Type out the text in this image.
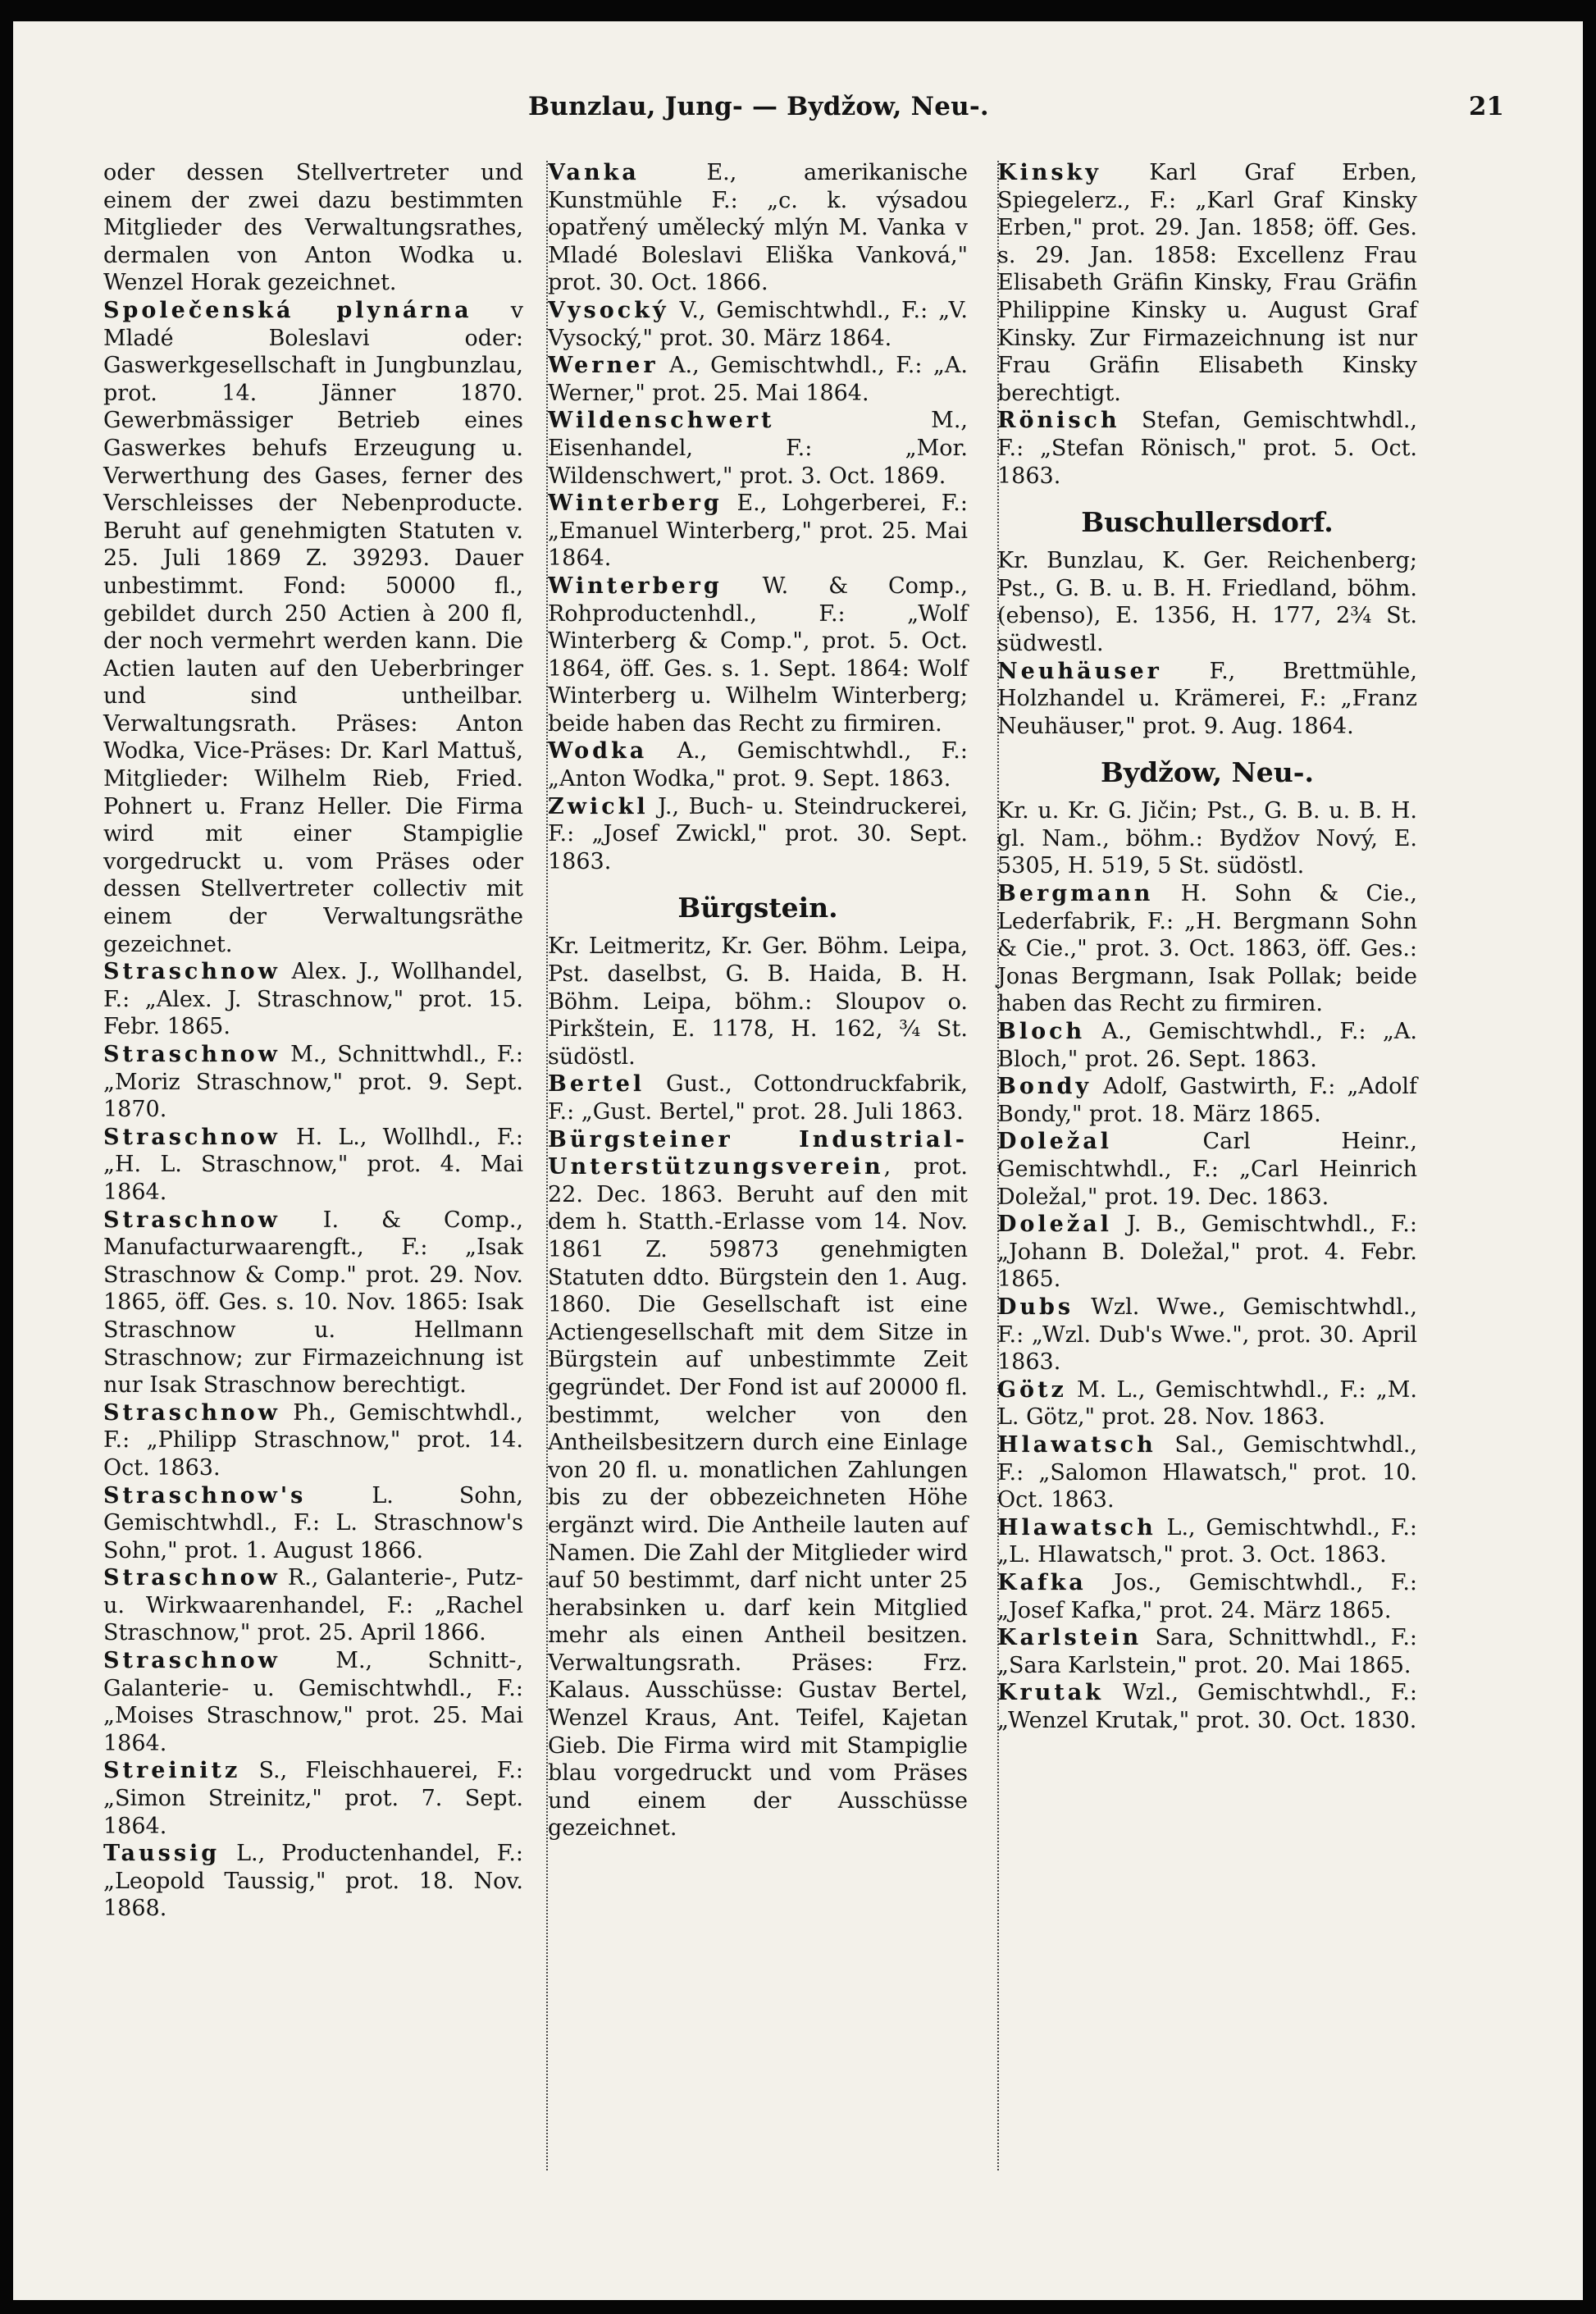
Bunzlau, Jung- — Bydžow, Neu-.	21

oder dessen Stellvertreter und einem der zwei dazu bestimmten Mitglieder des Verwaltungsrathes, dermalen von Anton Wodka u. Wenzel Horak gezeichnet.

Společenská plynárna v Mladé Boleslavi oder: Gaswerkgesellschaft in Jungbunzlau, prot. 14. Jänner 1870. Gewerbmässiger Betrieb eines Gaswerkes behufs Erzeugung u. Verwerthung des Gases, ferner des Verschleisses der Nebenproducte. Beruht auf genehmigten Statuten v. 25. Juli 1869 Z. 39293. Dauer unbestimmt. Fond: 50000 fl., gebildet durch 250 Actien à 200 fl, der noch vermehrt werden kann. Die Actien lauten auf den Ueberbringer und sind untheilbar. Verwaltungsrath. Präses: Anton Wodka, Vice-Präses: Dr. Karl Mattuš, Mitglieder: Wilhelm Rieb, Fried. Pohnert u. Franz Heller. Die Firma wird mit einer Stampiglie vorgedruckt u. vom Präses oder dessen Stellvertreter collectiv mit einem der Verwaltungsräthe gezeichnet.

Straschnow Alex. J., Wollhandel, F.: „Alex. J. Straschnow," prot. 15. Febr. 1865.

Straschnow M., Schnittwhdl., F.: „Moriz Straschnow," prot. 9. Sept. 1870.

Straschnow H. L., Wollhdl., F.: „H. L. Straschnow," prot. 4. Mai 1864.

Straschnow I. & Comp., Manufacturwaarengft., F.: „Isak Straschnow & Comp." prot. 29. Nov. 1865, öff. Ges. s. 10. Nov. 1865: Isak Straschnow u. Hellmann Straschnow; zur Firmazeichnung ist nur Isak Straschnow berechtigt.

Straschnow Ph., Gemischtwhdl., F.: „Philipp Straschnow," prot. 14. Oct. 1863.

Straschnow's L. Sohn, Gemischtwhdl., F.: L. Straschnow's Sohn," prot. 1. August 1866.

Straschnow R., Galanterie-, Putz- u. Wirkwaarenhandel, F.: „Rachel Straschnow," prot. 25. April 1866.

Straschnow M., Schnitt-, Galanterie- u. Gemischtwhdl., F.: „Moises Straschnow," prot. 25. Mai 1864.

Streinitz S., Fleischhauerei, F.: „Simon Streinitz," prot. 7. Sept. 1864.

Taussig L., Productenhandel, F.: „Leopold Taussig," prot. 18. Nov. 1868.

Vanka E., amerikanische Kunstmühle F.: „c. k. výsadou opatřený umělecký mlýn M. Vanka v Mladé Boleslavi Eliška Vanková," prot. 30. Oct. 1866.

Vysocký V., Gemischtwhdl., F.: „V. Vysocký," prot. 30. März 1864.

Werner A., Gemischtwhdl., F.: „A. Werner," prot. 25. Mai 1864.

Wildenschwert M., Eisenhandel, F.: „Mor. Wildenschwert," prot. 3. Oct. 1869.

Winterberg E., Lohgerberei, F.: „Emanuel Winterberg," prot. 25. Mai 1864.

Winterberg W. & Comp., Rohproductenhdl., F.: „Wolf Winterberg & Comp.", prot. 5. Oct. 1864, öff. Ges. s. 1. Sept. 1864: Wolf Winterberg u. Wilhelm Winterberg; beide haben das Recht zu firmiren.

Wodka A., Gemischtwhdl., F.: „Anton Wodka," prot. 9. Sept. 1863.

Zwickl J., Buch- u. Steindruckerei, F.: „Josef Zwickl," prot. 30. Sept. 1863.

Bürgstein.

Kr. Leitmeritz, Kr. Ger. Böhm. Leipa, Pst. daselbst, G. B. Haida, B. H. Böhm. Leipa, böhm.: Sloupov o. Pirkštein, E. 1178, H. 162, ¾ St. südöstl.

Bertel Gust., Cottondruckfabrik, F.: „Gust. Bertel," prot. 28. Juli 1863.

Bürgsteiner Industrial-Unterstützungsverein, prot. 22. Dec. 1863. Beruht auf den mit dem h. Statth.-Erlasse vom 14. Nov. 1861 Z. 59873 genehmigten Statuten ddto. Bürgstein den 1. Aug. 1860. Die Gesellschaft ist eine Actiengesellschaft mit dem Sitze in Bürgstein auf unbestimmte Zeit gegründet. Der Fond ist auf 20000 fl. bestimmt, welcher von den Antheilsbesitzern durch eine Einlage von 20 fl. u. monatlichen Zahlungen bis zu der obbezeichneten Höhe ergänzt wird. Die Antheile lauten auf Namen. Die Zahl der Mitglieder wird auf 50 bestimmt, darf nicht unter 25 herabsinken u. darf kein Mitglied mehr als einen Antheil besitzen. Verwaltungsrath. Präses: Frz. Kalaus. Ausschüsse: Gustav Bertel, Wenzel Kraus, Ant. Teifel, Kajetan Gieb. Die Firma wird mit Stampiglie blau vorgedruckt und vom Präses und einem der Ausschüsse gezeichnet.

Kinsky Karl Graf Erben, Spiegelerz., F.: „Karl Graf Kinsky Erben," prot. 29. Jan. 1858; öff. Ges. s. 29. Jan. 1858: Excellenz Frau Elisabeth Gräfin Kinsky, Frau Gräfin Philippine Kinsky u. August Graf Kinsky. Zur Firmazeichnung ist nur Frau Gräfin Elisabeth Kinsky berechtigt.

Rönisch Stefan, Gemischtwhdl., F.: „Stefan Rönisch," prot. 5. Oct. 1863.

Buschullersdorf.

Kr. Bunzlau, K. Ger. Reichenberg; Pst., G. B. u. B. H. Friedland, böhm. (ebenso), E. 1356, H. 177, 2¾ St. südwestl.

Neuhäuser F., Brettmühle, Holzhandel u. Krämerei, F.: „Franz Neuhäuser," prot. 9. Aug. 1864.

Bydžow, Neu-.

Kr. u. Kr. G. Jičin; Pst., G. B. u. B. H. gl. Nam., böhm.: Bydžov Nový, E. 5305, H. 519, 5 St. südöstl.

Bergmann H. Sohn & Cie., Lederfabrik, F.: „H. Bergmann Sohn & Cie.," prot. 3. Oct. 1863, öff. Ges.: Jonas Bergmann, Isak Pollak; beide haben das Recht zu firmiren.

Bloch A., Gemischtwhdl., F.: „A. Bloch," prot. 26. Sept. 1863.

Bondy Adolf, Gastwirth, F.: „Adolf Bondy," prot. 18. März 1865.

Doležal Carl Heinr., Gemischtwhdl., F.: „Carl Heinrich Doležal," prot. 19. Dec. 1863.

Doležal J. B., Gemischtwhdl., F.: „Johann B. Doležal," prot. 4. Febr. 1865.

Dubs Wzl. Wwe., Gemischtwhdl., F.: „Wzl. Dub's Wwe.", prot. 30. April 1863.

Götz M. L., Gemischtwhdl., F.: „M. L. Götz," prot. 28. Nov. 1863.

Hlawatsch Sal., Gemischtwhdl., F.: „Salomon Hlawatsch," prot. 10. Oct. 1863.

Hlawatsch L., Gemischtwhdl., F.: „L. Hlawatsch," prot. 3. Oct. 1863.

Kafka Jos., Gemischtwhdl., F.: „Josef Kafka," prot. 24. März 1865.

Karlstein Sara, Schnittwhdl., F.: „Sara Karlstein," prot. 20. Mai 1865.

Krutak Wzl., Gemischtwhdl., F.: „Wenzel Krutak," prot. 30. Oct. 1830.
